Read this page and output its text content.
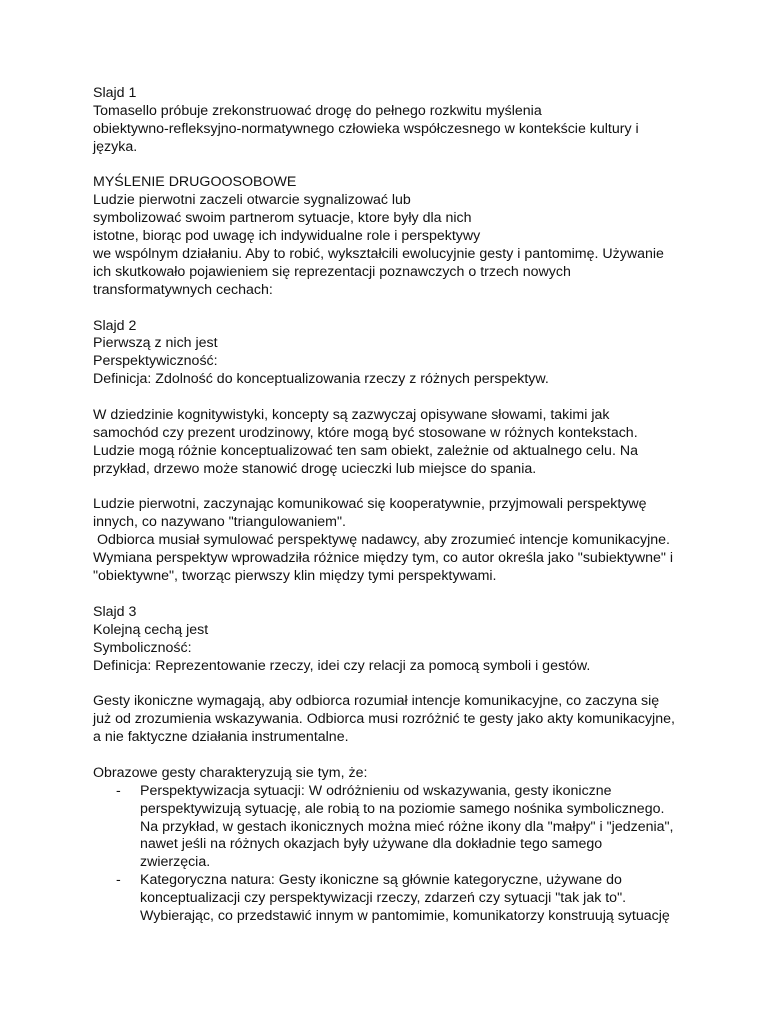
Slajd 1
Tomasello próbuje zrekonstruować drogę do pełnego rozkwitu myślenia
obiektywno-refleksyjno-normatywnego człowieka współczesnego w kontekście kultury i
języka.
MYŚLENIE DRUGOOSOBOWE
Ludzie pierwotni zaczeli otwarcie sygnalizować lub
symbolizować swoim partnerom sytuacje, ktore były dla nich
istotne, biorąc pod uwagę ich indywidualne role i perspektywy
we wspólnym działaniu. Aby to robić, wykształcili ewolucyjnie gesty i pantomimę. Używanie
ich skutkowało pojawieniem się reprezentacji poznawczych o trzech nowych
transformatywnych cechach:
Slajd 2
Pierwszą z nich jest
Perspektywiczność:
Definicja: Zdolność do konceptualizowania rzeczy z różnych perspektyw.
W dziedzinie kognitywistyki, koncepty są zazwyczaj opisywane słowami, takimi jak
samochód czy prezent urodzinowy, które mogą być stosowane w różnych kontekstach.
Ludzie mogą różnie konceptualizować ten sam obiekt, zależnie od aktualnego celu. Na
przykład, drzewo może stanowić drogę ucieczki lub miejsce do spania.
Ludzie pierwotni, zaczynając komunikować się kooperatywnie, przyjmowali perspektywę
innych, co nazywano "triangulowaniem".
Odbiorca musiał symulować perspektywę nadawcy, aby zrozumieć intencje komunikacyjne.
Wymiana perspektyw wprowadziła różnice między tym, co autor określa jako "subiektywne" i
"obiektywne", tworząc pierwszy klin między tymi perspektywami.
Slajd 3
Kolejną cechą jest
Symboliczność:
Definicja: Reprezentowanie rzeczy, idei czy relacji za pomocą symboli i gestów.
Gesty ikoniczne wymagają, aby odbiorca rozumiał intencje komunikacyjne, co zaczyna się
już od zrozumienia wskazywania. Odbiorca musi rozróżnić te gesty jako akty komunikacyjne,
a nie faktyczne działania instrumentalne.
Obrazowe gesty charakteryzują sie tym, że:
- Perspektywizacja sytuacji: W odróżnieniu od wskazywania, gesty ikoniczne
perspektywizują sytuację, ale robią to na poziomie samego nośnika symbolicznego.
Na przykład, w gestach ikonicznych można mieć różne ikony dla "małpy" i "jedzenia",
nawet jeśli na różnych okazjach były używane dla dokładnie tego samego
zwierzęcia.
- Kategoryczna natura: Gesty ikoniczne są głównie kategoryczne, używane do
konceptualizacji czy perspektywizacji rzeczy, zdarzeń czy sytuacji "tak jak to".
Wybierając, co przedstawić innym w pantomimie, komunikatorzy konstruują sytuację
